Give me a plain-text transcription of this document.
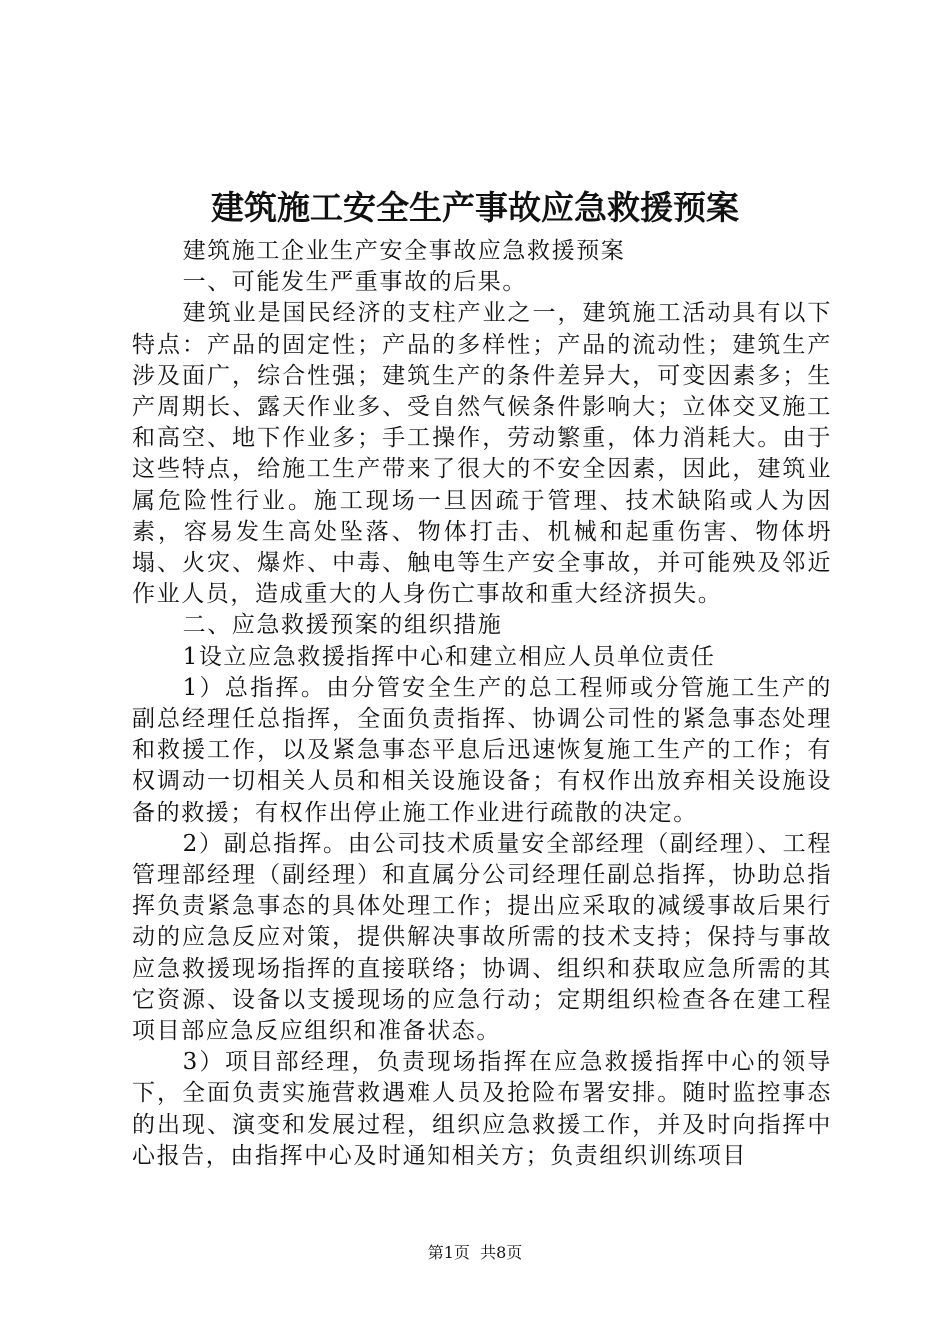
建筑施工安全生产事故应急救援预案

建筑施工企业生产安全事故应急救援预案

一、可能发生严重事故的后果。

建筑业是国民经济的支柱产业之一，建筑施工活动具有以下特点：产品的固定性；产品的多样性；产品的流动性；建筑生产涉及面广，综合性强；建筑生产的条件差异大，可变因素多；生产周期长、露天作业多、受自然气候条件影响大；立体交叉施工和高空、地下作业多；手工操作，劳动繁重，体力消耗大。由于这些特点，给施工生产带来了很大的不安全因素，因此，建筑业属危险性行业。施工现场一旦因疏于管理、技术缺陷或人为因素，容易发生高处坠落、物体打击、机械和起重伤害、物体坍塌、火灾、爆炸、中毒、触电等生产安全事故，并可能殃及邻近作业人员，造成重大的人身伤亡事故和重大经济损失。

二、应急救援预案的组织措施

1设立应急救援指挥中心和建立相应人员单位责任

1）总指挥。由分管安全生产的总工程师或分管施工生产的副总经理任总指挥，全面负责指挥、协调公司性的紧急事态处理和救援工作，以及紧急事态平息后迅速恢复施工生产的工作；有权调动一切相关人员和相关设施设备；有权作出放弃相关设施设备的救援；有权作出停止施工作业进行疏散的决定。

2）副总指挥。由公司技术质量安全部经理（副经理）、工程管理部经理（副经理）和直属分公司经理任副总指挥，协助总指挥负责紧急事态的具体处理工作；提出应采取的减缓事故后果行动的应急反应对策，提供解决事故所需的技术支持；保持与事故应急救援现场指挥的直接联络；协调、组织和获取应急所需的其它资源、设备以支援现场的应急行动；定期组织检查各在建工程项目部应急反应组织和准备状态。

3）项目部经理，负责现场指挥在应急救援指挥中心的领导下，全面负责实施营救遇难人员及抢险布署安排。随时监控事态的出现、演变和发展过程，组织应急救援工作，并及时向指挥中心报告，由指挥中心及时通知相关方；负责组织训练项目

第1页  共8页
